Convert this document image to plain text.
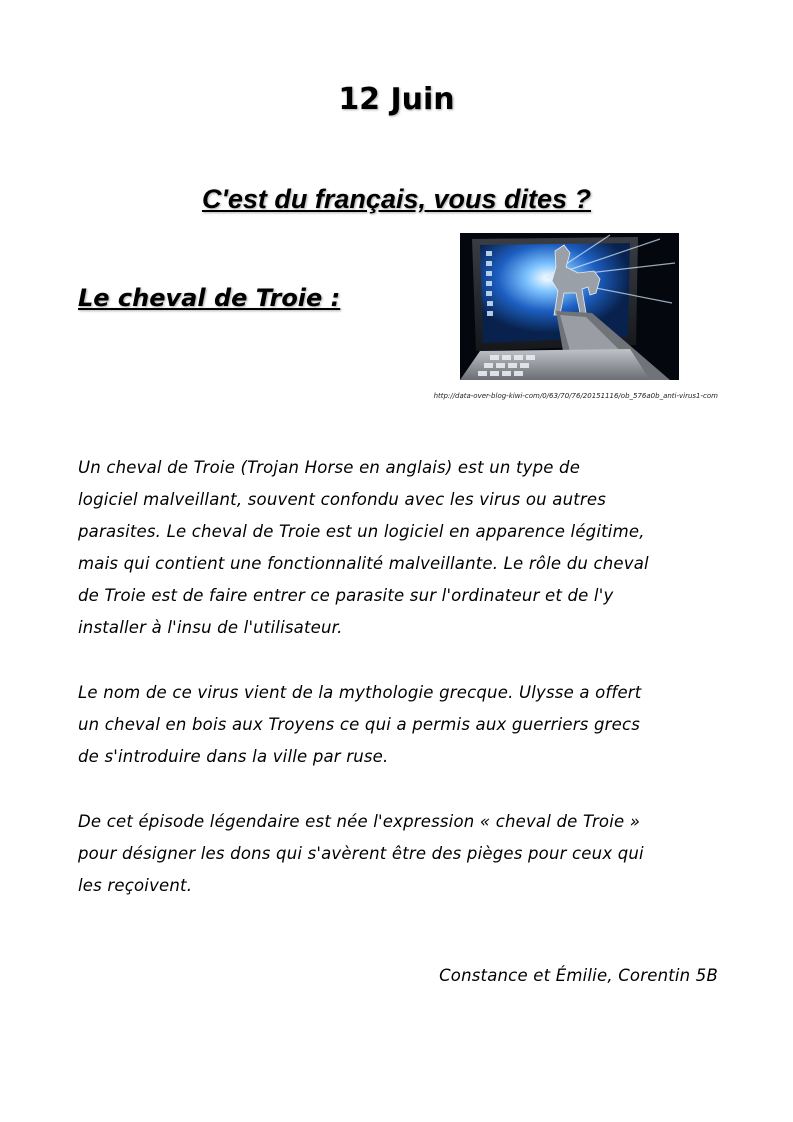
12 Juin
C'est du français, vous dites ?
Le cheval de Troie :
http://data-over-blog-kiwi-com/0/63/70/76/20151116/ob_576a0b_anti-virus1-com
Un cheval de Troie (Trojan Horse en anglais) est un type de
logiciel malveillant, souvent confondu avec les virus ou autres
parasites. Le cheval de Troie est un logiciel en apparence légitime,
mais qui contient une fonctionnalité malveillante. Le rôle du cheval
de Troie est de faire entrer ce parasite sur l'ordinateur et de l'y
installer à l'insu de l'utilisateur.
Le nom de ce virus vient de la mythologie grecque. Ulysse a offert
un cheval en bois aux Troyens ce qui a permis aux guerriers grecs
de s'introduire dans la ville par ruse.
De cet épisode légendaire est née l'expression « cheval de Troie »
pour désigner les dons qui s'avèrent être des pièges pour ceux qui
les reçoivent.
Constance et Émilie, Corentin 5B
